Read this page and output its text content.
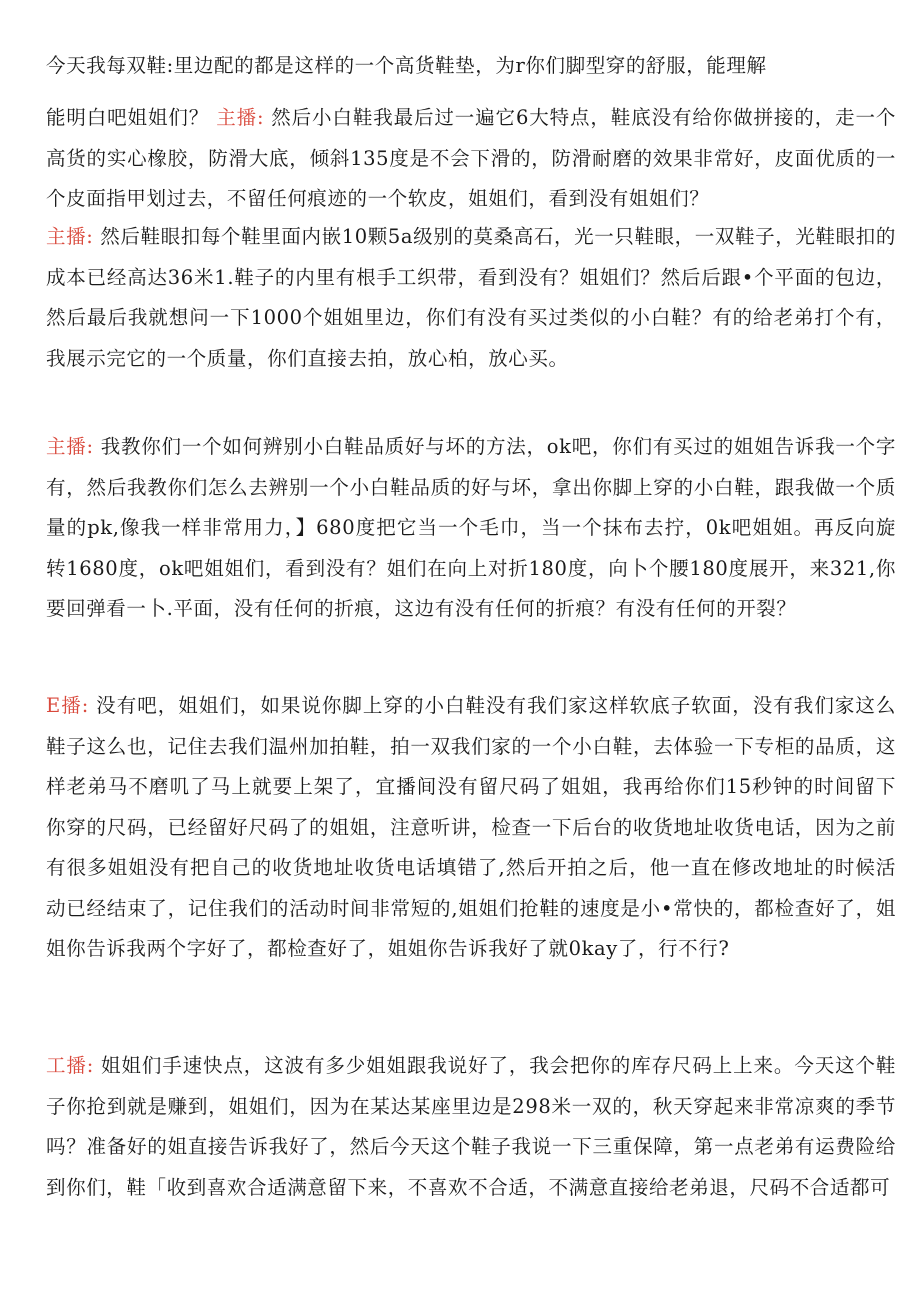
今天我每双鞋:里边配的都是这样的一个高货鞋垫，为r你们脚型穿的舒服，能理解

能明白吧姐姐们？ 主播: 然后小白鞋我最后过一遍它6大特点，鞋底没有给你做拼接的，走一个高货的实心橡胶，防滑大底，倾斜135度是不会下滑的，防滑耐磨的效果非常好，皮面优质的一个皮面指甲划过去，不留任何痕迹的一个软皮，姐姐们，看到没有姐姐们？

主播: 然后鞋眼扣每个鞋里面内嵌10颗5a级别的莫桑高石，光一只鞋眼，一双鞋子，光鞋眼扣的成本已经高达36米1.鞋子的内里有根手工织带，看到没有？姐姐们？然后后跟•个平面的包边，然后最后我就想问一下1000个姐姐里边，你们有没有买过类似的小白鞋？有的给老弟打个有，我展示完它的一个质量，你们直接去拍，放心柏，放心买。

主播: 我教你们一个如何辨别小白鞋品质好与坏的方法，ok吧，你们有买过的姐姐告诉我一个字有，然后我教你们怎么去辨别一个小白鞋品质的好与坏，拿出你脚上穿的小白鞋，跟我做一个质量的pk,像我一样非常用力，】680度把它当一个毛巾，当一个抹布去拧，0k吧姐姐。再反向旋转1680度，ok吧姐姐们，看到没有？姐们在向上对折180度，向卜个腰180度展开，来321,你要回弹看一卜.平面，没有任何的折痕，这边有没有任何的折痕？有没有任何的开裂？

E播: 没有吧，姐姐们，如果说你脚上穿的小白鞋没有我们家这样软底子软面，没有我们家这么鞋子这么也，记住去我们温州加拍鞋，拍一双我们家的一个小白鞋，去体验一下专柜的品质，这样老弟马不磨叽了马上就要上架了，宜播间没有留尺码了姐姐，我再给你们15秒钟的时间留下你穿的尺码，已经留好尺码了的姐姐，注意听讲，检查一下后台的收货地址收货电话，因为之前有很多姐姐没有把自己的收货地址收货电话填错了,然后开拍之后，他一直在修改地址的时候活动已经结束了，记住我们的活动时间非常短的,姐姐们抢鞋的速度是小•常快的，都检查好了，姐姐你告诉我两个字好了，都检查好了，姐姐你告诉我好了就0kay了，行不行?

工播: 姐姐们手速快点，这波有多少姐姐跟我说好了，我会把你的库存尺码上上来。今天这个鞋子你抢到就是赚到，姐姐们，因为在某达某座里边是298米一双的，秋天穿起来非常凉爽的季节吗？准备好的姐直接告诉我好了，然后今天这个鞋子我说一下三重保障，第一点老弟有运费险给到你们，鞋「收到喜欢合适满意留下来，不喜欢不合适，不满意直接给老弟退，尺码不合适都可
